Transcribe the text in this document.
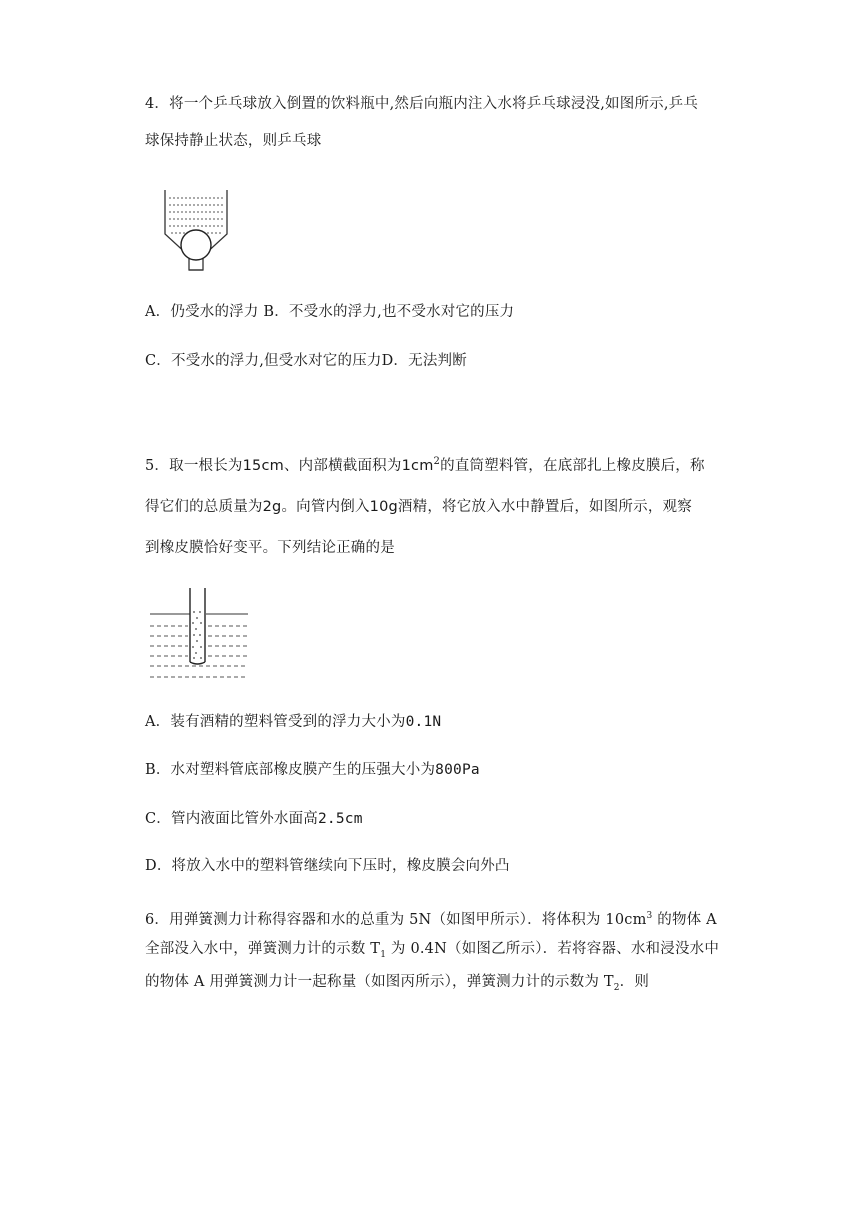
4．将一个乒乓球放入倒置的饮料瓶中,然后向瓶内注入水将乒乓球浸没,如图所示,乒乓
球保持静止状态，则乒乓球
A．仍受水的浮力 B．不受水的浮力,也不受水对它的压力
C．不受水的浮力,但受水对它的压力D．无法判断
5．取一根长为15cm、内部横截面积为$1cm^2$的直筒塑料管，在底部扎上橡皮膜后，称
得它们的总质量为2g。向管内倒入10g酒精，将它放入水中静置后，如图所示，观察
到橡皮膜恰好变平。下列结论正确的是
A．装有酒精的塑料管受到的浮力大小为0.1N
B．水对塑料管底部橡皮膜产生的压强大小为800Pa
C．管内液面比管外水面高2.5cm
D．将放入水中的塑料管继续向下压时，橡皮膜会向外凸
6．用弹簧测力计称得容器和水的总重为 5N（如图甲所示）．将体积为 $10cm^3$ 的物体 A
全部没入水中，弹簧测力计的示数 $T_1$ 为 0.4N（如图乙所示）．若将容器、水和浸没水中
的物体 A 用弹簧测力计一起称量（如图丙所示），弹簧测力计的示数为 $T_2$．则
